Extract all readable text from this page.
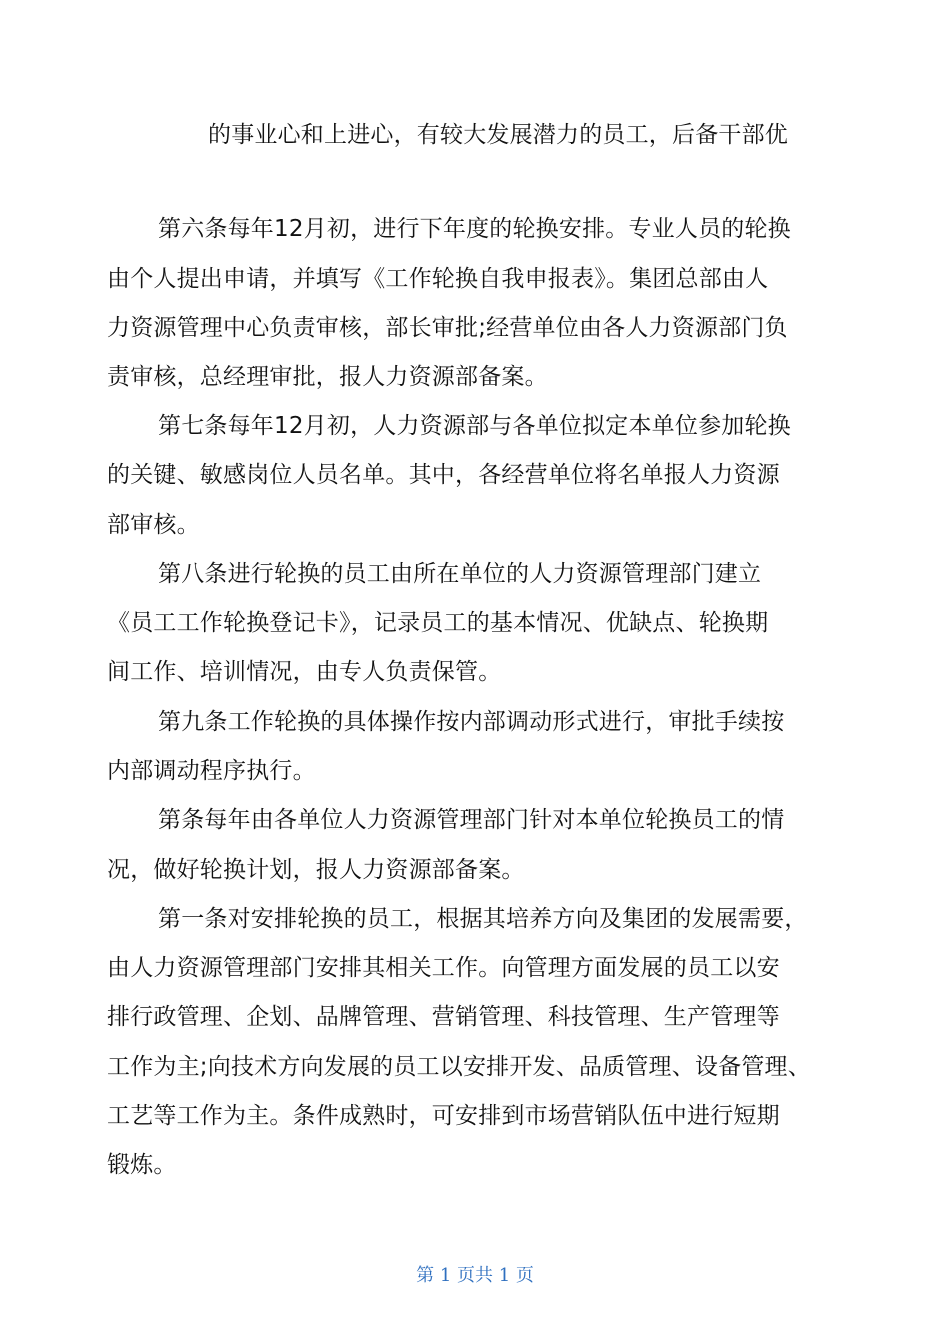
的事业心和上进心，有较大发展潜力的员工，后备干部优
第六条每年12月初，进行下年度的轮换安排。专业人员的轮换
由个人提出申请，并填写《工作轮换自我申报表》。集团总部由人
力资源管理中心负责审核，部长审批;经营单位由各人力资源部门负
责审核，总经理审批，报人力资源部备案。
第七条每年12月初，人力资源部与各单位拟定本单位参加轮换
的关键、敏感岗位人员名单。其中，各经营单位将名单报人力资源
部审核。
第八条进行轮换的员工由所在单位的人力资源管理部门建立
《员工工作轮换登记卡》，记录员工的基本情况、优缺点、轮换期
间工作、培训情况，由专人负责保管。
第九条工作轮换的具体操作按内部调动形式进行，审批手续按
内部调动程序执行。
第条每年由各单位人力资源管理部门针对本单位轮换员工的情
况，做好轮换计划，报人力资源部备案。
第一条对安排轮换的员工，根据其培养方向及集团的发展需要，
由人力资源管理部门安排其相关工作。向管理方面发展的员工以安
排行政管理、企划、品牌管理、营销管理、科技管理、生产管理等
工作为主;向技术方向发展的员工以安排开发、品质管理、设备管理、
工艺等工作为主。条件成熟时，可安排到市场营销队伍中进行短期
锻炼。
第 1 页共 1 页
